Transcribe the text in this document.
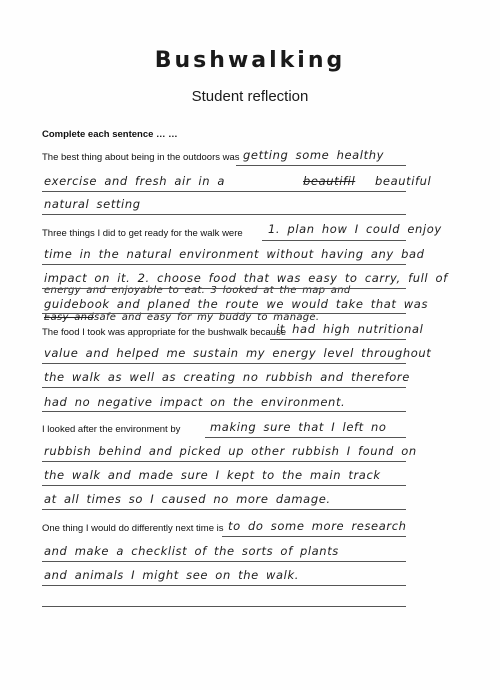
Bushwalking
Student reflection
Complete each sentence … …
The best thing about being in the outdoors was getting some healthy
exercise and fresh air in a	beautifil beautiful
natural setting
Three things I did to get ready for the walk were 1. plan how I could enjoy
time in the natural environment without having any bad
impact on it. 2. choose food that was easy to carry, full of
energy and enjoyable to eat. 3 looked at the map and
guidebook and planed the route we would take that was
Easy and safe and easy for my buddy to manage.
The food I took was appropriate for the bushwalk because
it had high nutritional
value and helped me sustain my energy level throughout
the walk as well as creating no rubbish and therefore
had no negative impact on the environment.
I looked after the environment by	making sure that I left no
rubbish behind and picked up other rubbish I found on
the walk and made sure I kept to the main track
at all times so I caused no more damage.
One thing I would do differently next time is to do some more research
and make a checklist of the sorts of plants
and animals I might see on the walk.
